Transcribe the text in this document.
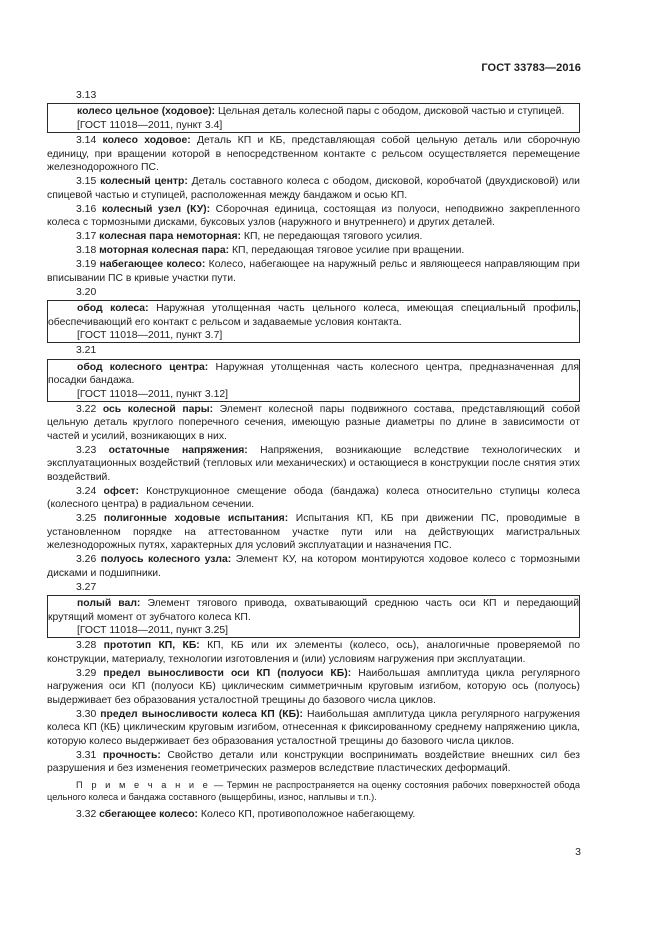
ГОСТ 33783—2016
3.13
колесо цельное (ходовое): Цельная деталь колесной пары с ободом, дисковой частью и ступицей.
[ГОСТ 11018—2011, пункт 3.4]
3.14 колесо ходовое: Деталь КП и КБ, представляющая собой цельную деталь или сборочную единицу, при вращении которой в непосредственном контакте с рельсом осуществляется перемещение железнодорожного ПС.
3.15 колесный центр: Деталь составного колеса с ободом, дисковой, коробчатой (двухдисковой) или спицевой частью и ступицей, расположенная между бандажом и осью КП.
3.16 колесный узел (КУ): Сборочная единица, состоящая из полуоси, неподвижно закрепленного колеса с тормозными дисками, буксовых узлов (наружного и внутреннего) и других деталей.
3.17 колесная пара немоторная: КП, не передающая тягового усилия.
3.18 моторная колесная пара: КП, передающая тяговое усилие при вращении.
3.19 набегающее колесо: Колесо, набегающее на наружный рельс и являющееся направляющим при вписывании ПС в кривые участки пути.
3.20
обод колеса: Наружная утолщенная часть цельного колеса, имеющая специальный профиль, обеспечивающий его контакт с рельсом и задаваемые условия контакта.
[ГОСТ 11018—2011, пункт 3.7]
3.21
обод колесного центра: Наружная утолщенная часть колесного центра, предназначенная для посадки бандажа.
[ГОСТ 11018—2011, пункт 3.12]
3.22 ось колесной пары: Элемент колесной пары подвижного состава, представляющий собой цельную деталь круглого поперечного сечения, имеющую разные диаметры по длине в зависимости от частей и усилий, возникающих в них.
3.23 остаточные напряжения: Напряжения, возникающие вследствие технологических и эксплуатационных воздействий (тепловых или механических) и остающиеся в конструкции после снятия этих воздействий.
3.24 офсет: Конструкционное смещение обода (бандажа) колеса относительно ступицы колеса (колесного центра) в радиальном сечении.
3.25 полигонные ходовые испытания: Испытания КП, КБ при движении ПС, проводимые в установленном порядке на аттестованном участке пути или на действующих магистральных железнодорожных путях, характерных для условий эксплуатации и назначения ПС.
3.26 полуось колесного узла: Элемент КУ, на котором монтируются ходовое колесо с тормозными дисками и подшипники.
3.27
полый вал: Элемент тягового привода, охватывающий среднюю часть оси КП и передающий крутящий момент от зубчатого колеса КП.
[ГОСТ 11018—2011, пункт 3.25]
3.28 прототип КП, КБ: КП, КБ или их элементы (колесо, ось), аналогичные проверяемой по конструкции, материалу, технологии изготовления и (или) условиям нагружения при эксплуатации.
3.29 предел выносливости оси КП (полуоси КБ): Наибольшая амплитуда цикла регулярного нагружения оси КП (полуоси КБ) циклическим симметричным круговым изгибом, которую ось (полуось) выдерживает без образования усталостной трещины до базового числа циклов.
3.30 предел выносливости колеса КП (КБ): Наибольшая амплитуда цикла регулярного нагружения колеса КП (КБ) циклическим круговым изгибом, отнесенная к фиксированному среднему напряжению цикла, которую колесо выдерживает без образования усталостной трещины до базового числа циклов.
3.31 прочность: Свойство детали или конструкции воспринимать воздействие внешних сил без разрушения и без изменения геометрических размеров вследствие пластических деформаций.
П р и м е ч а н и е — Термин не распространяется на оценку состояния рабочих поверхностей обода цельного колеса и бандажа составного (выщербины, износ, наплывы и т.п.).
3.32 сбегающее колесо: Колесо КП, противоположное набегающему.
3
